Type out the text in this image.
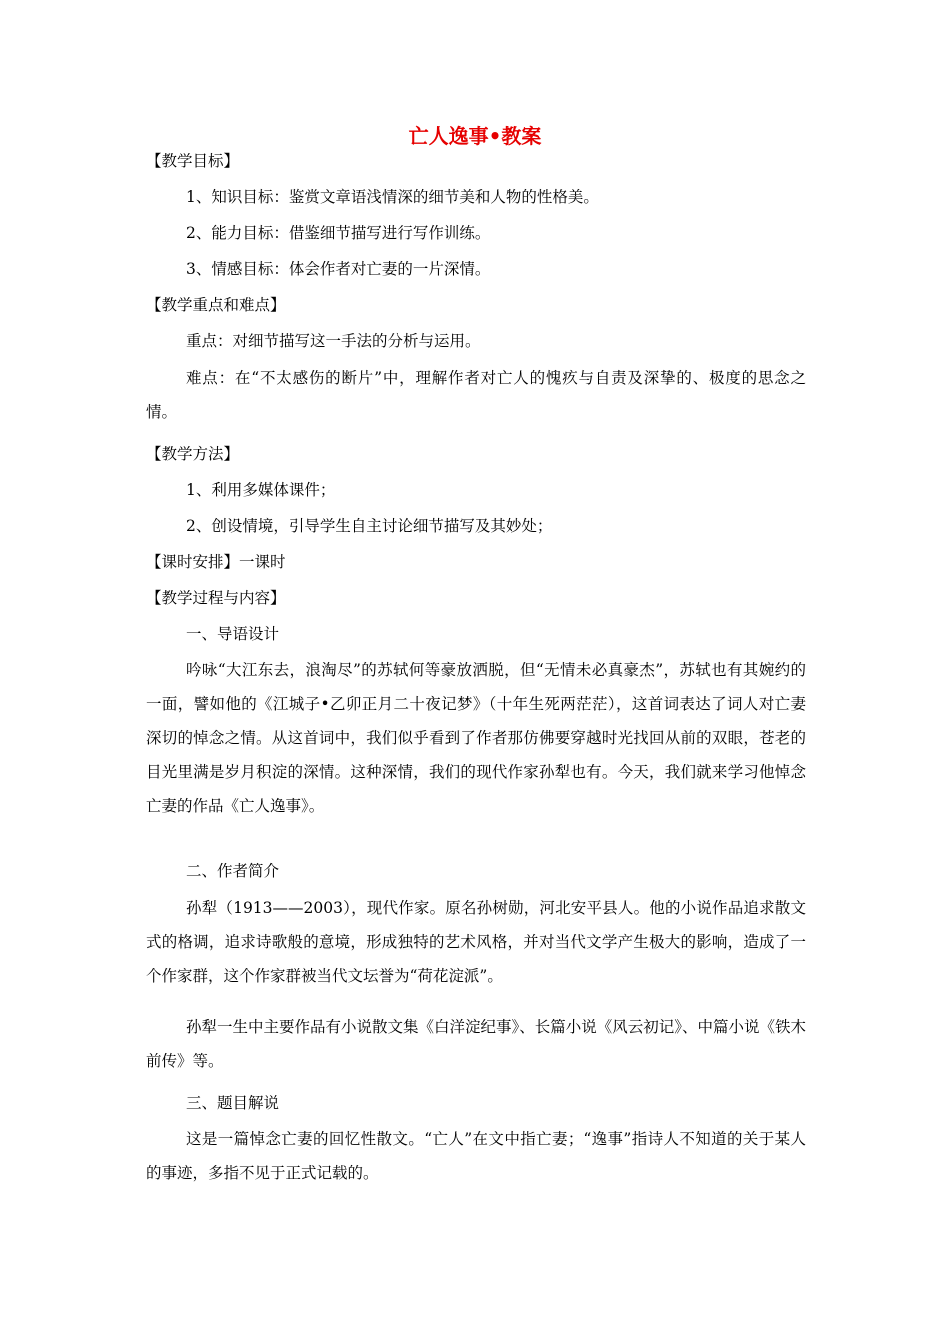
亡人逸事•教案
【教学目标】
1、知识目标：鉴赏文章语浅情深的细节美和人物的性格美。
2、能力目标：借鉴细节描写进行写作训练。
3、情感目标：体会作者对亡妻的一片深情。
【教学重点和难点】
重点：对细节描写这一手法的分析与运用。
难点：在“不太感伤的断片”中，理解作者对亡人的愧疚与自责及深挚的、极度的思念之情。
【教学方法】
1、利用多媒体课件；
2、创设情境，引导学生自主讨论细节描写及其妙处；
【课时安排】一课时
【教学过程与内容】
一、导语设计
吟咏“大江东去，浪淘尽”的苏轼何等豪放洒脱，但“无情未必真豪杰”，苏轼也有其婉约的一面，譬如他的《江城子•乙卯正月二十夜记梦》（十年生死两茫茫），这首词表达了词人对亡妻深切的悼念之情。从这首词中，我们似乎看到了作者那仿佛要穿越时光找回从前的双眼，苍老的目光里满是岁月积淀的深情。这种深情，我们的现代作家孙犁也有。今天，我们就来学习他悼念亡妻的作品《亡人逸事》。
二、作者简介
孙犁（1913——2003），现代作家。原名孙树勋，河北安平县人。他的小说作品追求散文式的格调，追求诗歌般的意境，形成独特的艺术风格，并对当代文学产生极大的影响，造成了一个作家群，这个作家群被当代文坛誉为“荷花淀派”。
孙犁一生中主要作品有小说散文集《白洋淀纪事》、长篇小说《风云初记》、中篇小说《铁木前传》等。
三、题目解说
这是一篇悼念亡妻的回忆性散文。“亡人”在文中指亡妻；“逸事”指诗人不知道的关于某人的事迹，多指不见于正式记载的。
